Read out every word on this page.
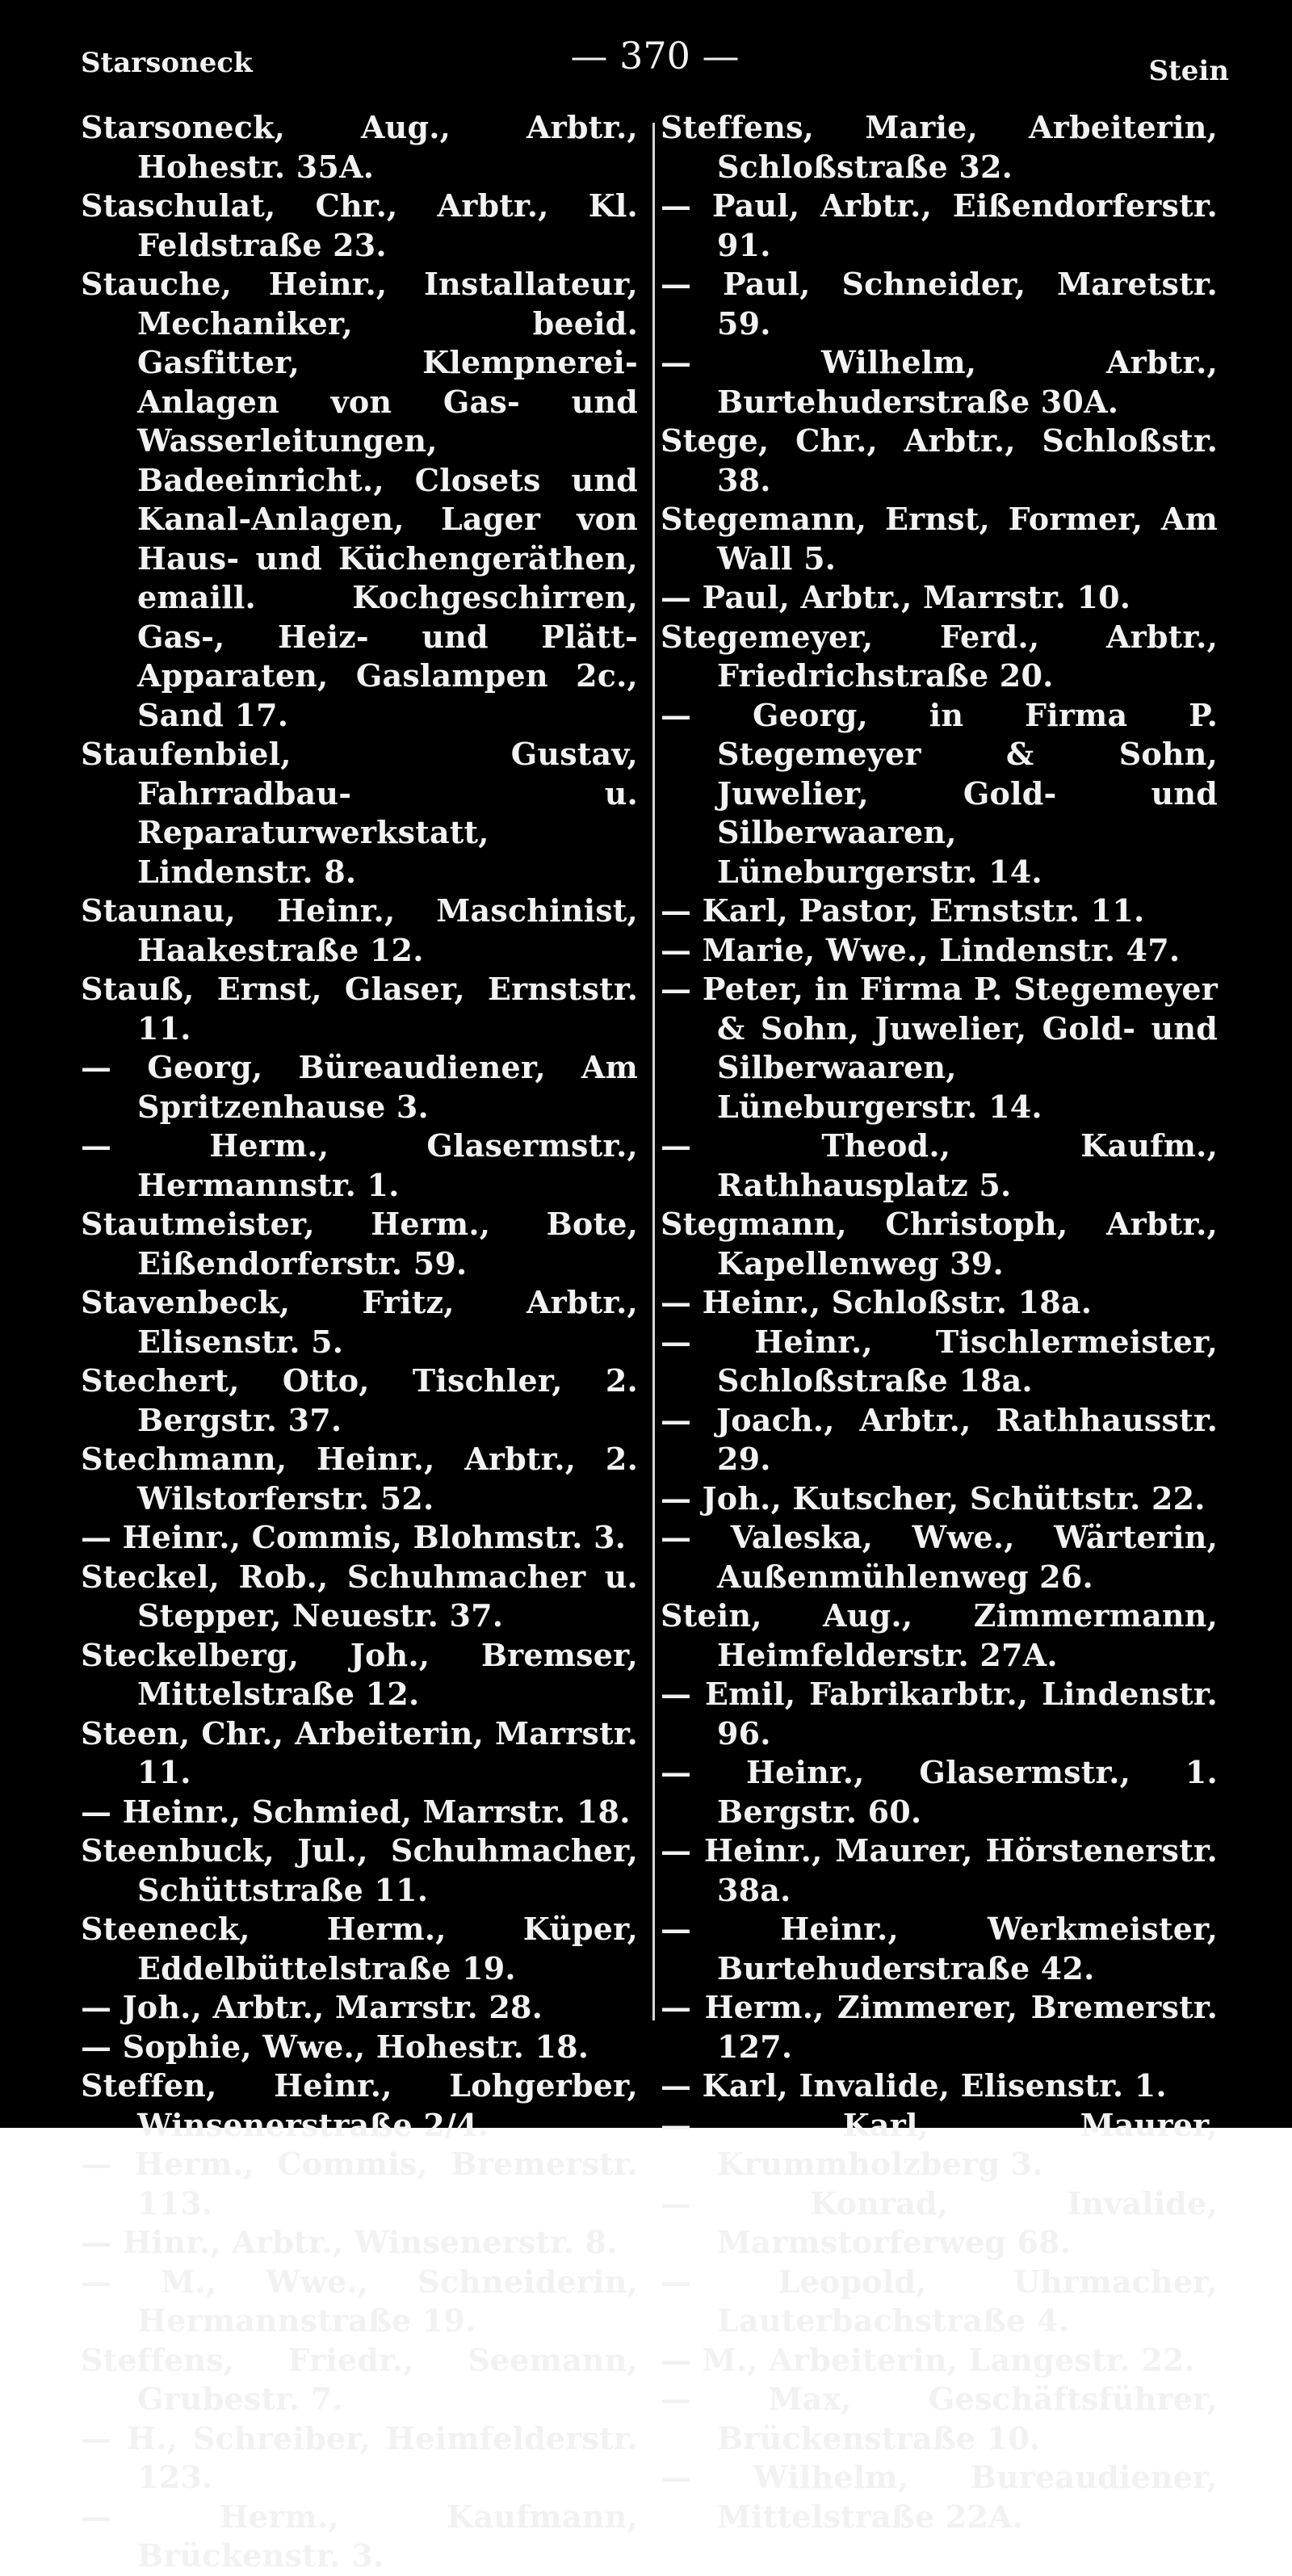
Starsoneck	— 370 —	Stein
Starsoneck, Aug., Arbtr., Hohestr. 35A.
Staschulat, Chr., Arbtr., Kl. Feldstraße 23.
Stauche, Heinr., Installateur, Mechaniker, beeid. Gasfitter, Klempnerei-Anlagen von Gas- und Wasserleitungen, Badeeinricht., Closets und Kanal-Anlagen, Lager von Haus- und Küchengeräthen, emaill. Kochgeschirren, Gas-, Heiz- und Plätt-Apparaten, Gaslampen 2c., Sand 17.
Staufenbiel, Gustav, Fahrradbau- u. Reparaturwerkstatt, Lindenstr. 8.
Staunau, Heinr., Maschinist, Haakestraße 12.
Stauß, Ernst, Glaser, Ernststr. 11.
— Georg, Büreaudiener, Am Spritzenhause 3.
— Herm., Glasermstr., Hermannstr. 1.
Stautmeister, Herm., Bote, Eißendorferstr. 59.
Stavenbeck, Fritz, Arbtr., Elisenstr. 5.
Stechert, Otto, Tischler, 2. Bergstr. 37.
Stechmann, Heinr., Arbtr., 2. Wilstorferstr. 52.
— Heinr., Commis, Blohmstr. 3.
Steckel, Rob., Schuhmacher u. Stepper, Neuestr. 37.
Steckelberg, Joh., Bremser, Mittelstraße 12.
Steen, Chr., Arbeiterin, Marrstr. 11.
— Heinr., Schmied, Marrstr. 18.
Steenbuck, Jul., Schuhmacher, Schüttstraße 11.
Steeneck, Herm., Küper, Eddelbüttelstraße 19.
— Joh., Arbtr., Marrstr. 28.
— Sophie, Wwe., Hohestr. 18.
Steffen, Heinr., Lohgerber, Winsenerstraße 2/4.
— Herm., Commis, Bremerstr. 113.
— Hinr., Arbtr., Winsenerstr. 8.
— M., Wwe., Schneiderin, Hermannstraße 19.
Steffens, Friedr., Seemann, Grubestr. 7.
— H., Schreiber, Heimfelderstr. 123.
— Herm., Kaufmann, Brückenstr. 3.
Steffens, Marie, Arbeiterin, Schloßstraße 32.
— Paul, Arbtr., Eißendorferstr. 91.
— Paul, Schneider, Maretstr. 59.
— Wilhelm, Arbtr., Burtehuderstraße 30A.
Stege, Chr., Arbtr., Schloßstr. 38.
Stegemann, Ernst, Former, Am Wall 5.
— Paul, Arbtr., Marrstr. 10.
Stegemeyer, Ferd., Arbtr., Friedrichstraße 20.
— Georg, in Firma P. Stegemeyer & Sohn, Juwelier, Gold- und Silberwaaren, Lüneburgerstr. 14.
— Karl, Pastor, Ernststr. 11.
— Marie, Wwe., Lindenstr. 47.
— Peter, in Firma P. Stegemeyer & Sohn, Juwelier, Gold- und Silberwaaren, Lüneburgerstr. 14.
— Theod., Kaufm., Rathhausplatz 5.
Stegmann, Christoph, Arbtr., Kapellenweg 39.
— Heinr., Schloßstr. 18a.
— Heinr., Tischlermeister, Schloßstraße 18a.
— Joach., Arbtr., Rathhausstr. 29.
— Joh., Kutscher, Schüttstr. 22.
— Valeska, Wwe., Wärterin, Außenmühlenweg 26.
Stein, Aug., Zimmermann, Heimfelderstr. 27A.
— Emil, Fabrikarbtr., Lindenstr. 96.
— Heinr., Glasermstr., 1. Bergstr. 60.
— Heinr., Maurer, Hörstenerstr. 38a.
— Heinr., Werkmeister, Burtehuderstraße 42.
— Herm., Zimmerer, Bremerstr. 127.
— Karl, Invalide, Elisenstr. 1.
— Karl, Maurer, Krummholzberg 3.
— Konrad, Invalide, Marmstorferweg 68.
— Leopold, Uhrmacher, Lauterbachstraße 4.
— M., Arbeiterin, Langestr. 22.
— Max, Geschäftsführer, Brückenstraße 10.
— Wilhelm, Bureaudiener, Mittelstraße 22A.
